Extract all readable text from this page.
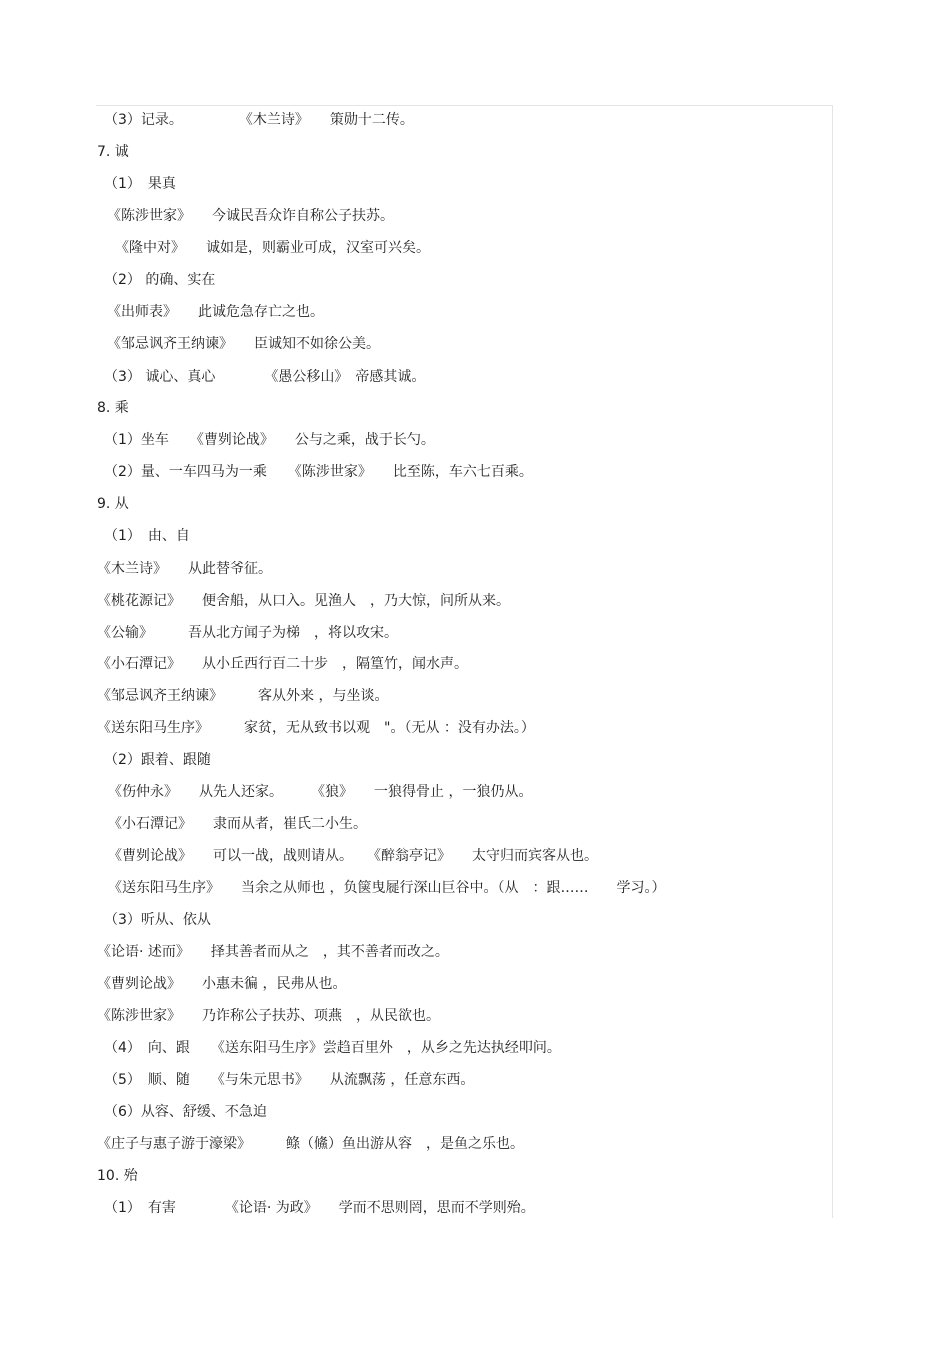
（3）记录。　　　　　《木兰诗》　　策勋十二传。
7. 诚
（1）　果真
《陈涉世家》　　今诚民吾众诈自称公子扶苏。
《隆中对》　　诚如是，则霸业可成，汉室可兴矣。
（2） 的确、实在
《出师表》　　此诚危急存亡之也。
《邹忌讽齐王纳谏》　　臣诚知不如徐公美。
（3） 诚心、真心　　　　《愚公移山》　帝感其诚。
8. 乘
（1）坐车　　《曹刿论战》　　公与之乘，战于长勺。
（2）量、一车四马为一乘　　《陈涉世家》　　比至陈，车六七百乘。
9. 从
（1）　由、自
《木兰诗》　　从此替爷征。
《桃花源记》　　便舍船，从口入。见渔人　，乃大惊，问所从来。
《公输》　　　吾从北方闻子为梯　，将以攻宋。
《小石潭记》　　从小丘西行百二十步　，隔篁竹，闻水声。
《邹忌讽齐王纳谏》　　　客从外来 ，与坐谈。
《送东阳马生序》　　　家贫，无从致书以观　"。（无从 ：没有办法。）
（2）跟着、跟随
《伤仲永》　　从先人还家。　　　《狼》　　一狼得骨止 ，一狼仍从。
《小石潭记》　　隶而从者，崔氏二小生。
《曹刿论战》　　可以一战，战则请从。　　《醉翁亭记》　　太守归而宾客从也。
《送东阳马生序》　　当余之从师也 ，负箧曳屣行深山巨谷中。（从　：跟……　　学习。）
（3）听从、依从
《论语· 述而》　　择其善者而从之　，其不善者而改之。
《曹刿论战》　　小惠未徧 ，民弗从也。
《陈涉世家》　　乃诈称公子扶苏、项燕　，从民欲也。
（4）　向、跟　　《送东阳马生序》尝趋百里外　，从乡之先达执经叩问。
（5）　顺、随　　《与朱元思书》　　从流飘荡 ，任意东西。
（6）从容、舒缓、不急迫
《庄子与惠子游于濠梁》　　　鲦（鯈）鱼出游从容　，是鱼之乐也。
10. 殆
（1）　有害　　　　《论语· 为政》　　学而不思则罔，思而不学则殆。
